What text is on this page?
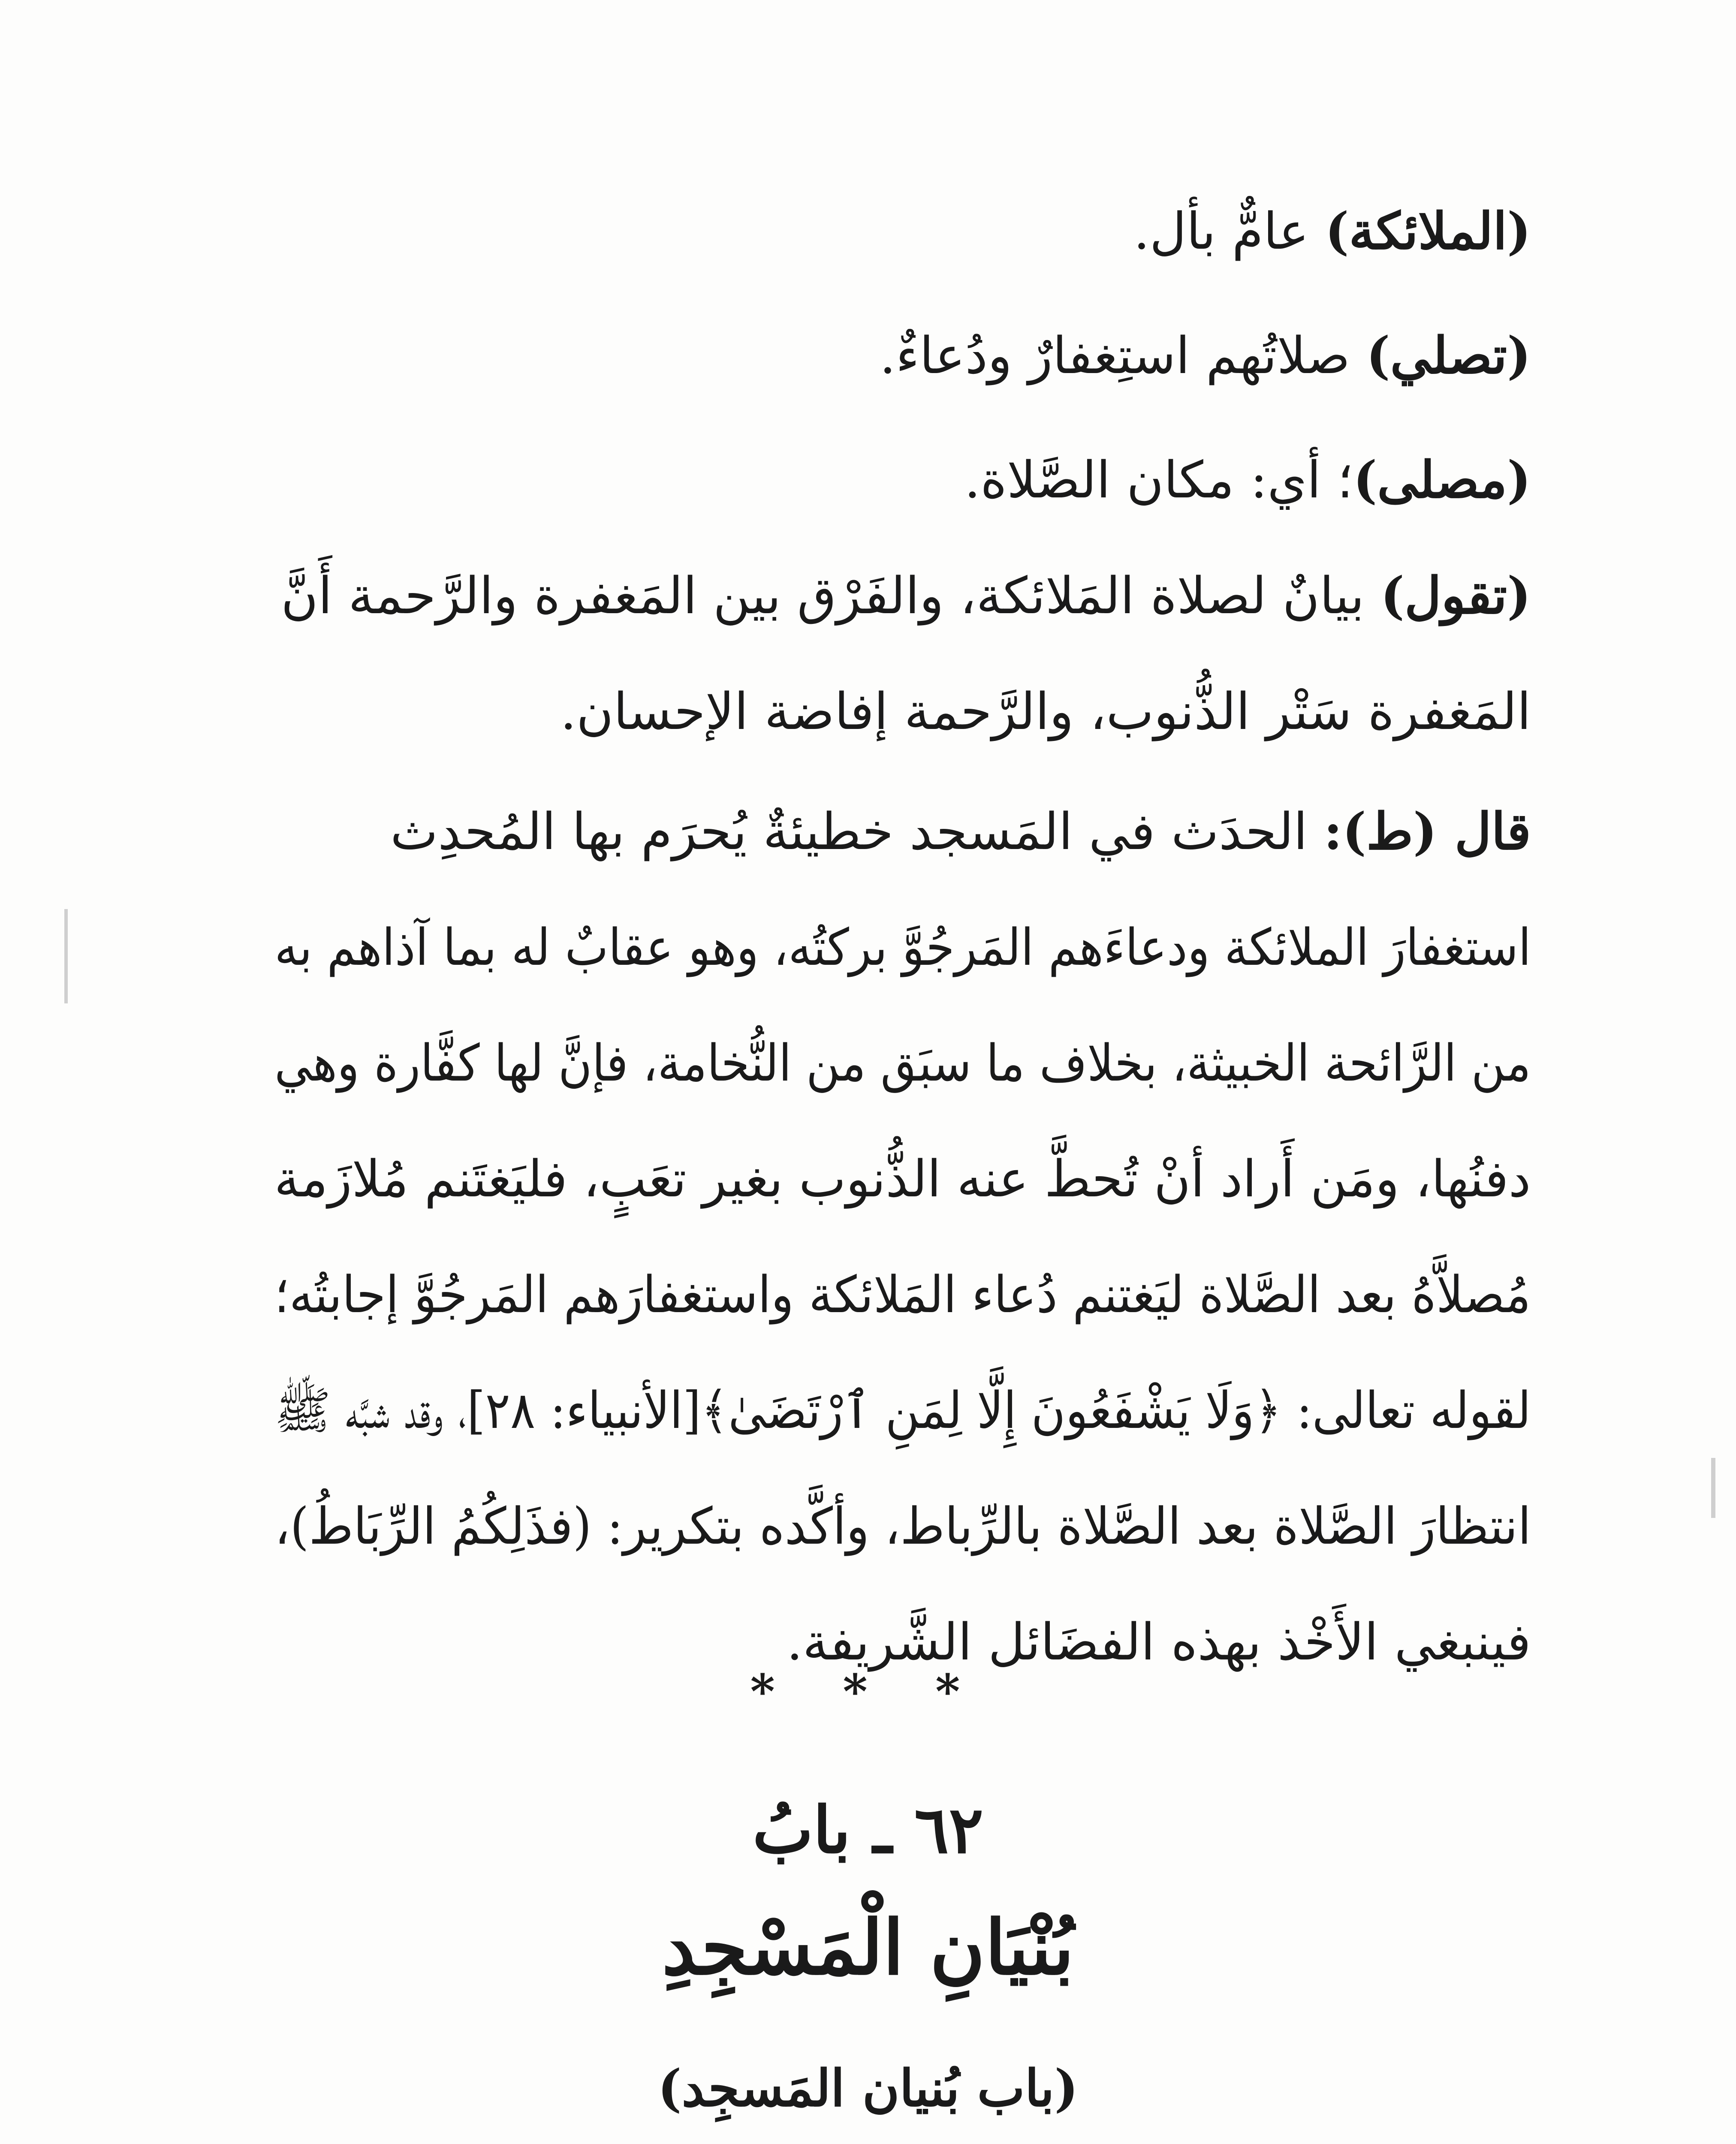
(الملائكة) عامٌّ بأل.
(تصلي) صلاتُهم استِغفارٌ ودُعاءٌ.
(مصلى)؛ أي: مكان الصَّلاة.
(تقول) بيانٌ لصلاة المَلائكة، والفَرْق بين المَغفرة والرَّحمة أَنَّ
المَغفرة سَتْر الذُّنوب، والرَّحمة إفاضة الإحسان.
قال (ط): الحدَث في المَسجد خطيئةٌ يُحرَم بها المُحدِث
استغفارَ الملائكة ودعاءَهم المَرجُوَّ بركتُه، وهو عقابٌ له بما آذاهم به
من الرَّائحة الخبيثة، بخلاف ما سبَق من النُّخامة، فإنَّ لها كفَّارة وهي
دفنُها، ومَن أَراد أنْ تُحطَّ عنه الذُّنوب بغير تعَبٍ، فليَغتَنم مُلازَمة
مُصلاَّهُ بعد الصَّلاة ليَغتنم دُعاء المَلائكة واستغفارَهم المَرجُوَّ إجابتُه؛
لقوله تعالى: ﴿وَلَا يَشْفَعُونَ إِلَّا لِمَنِ ٱرْتَضَىٰ﴾[الأنبياء: ٢٨]، وقد شبَّه ﷺ
انتظارَ الصَّلاة بعد الصَّلاة بالرِّباط، وأكَّده بتكرير: (فذَلِكُمُ الرِّبَاطُ)،
فينبغي الأَخْذ بهذه الفضَائل الشَّريفة.
* * *
٦٢ ـ بابُ
بُنْيَانِ الْمَسْجِدِ
(باب بُنيان المَسجِد)
